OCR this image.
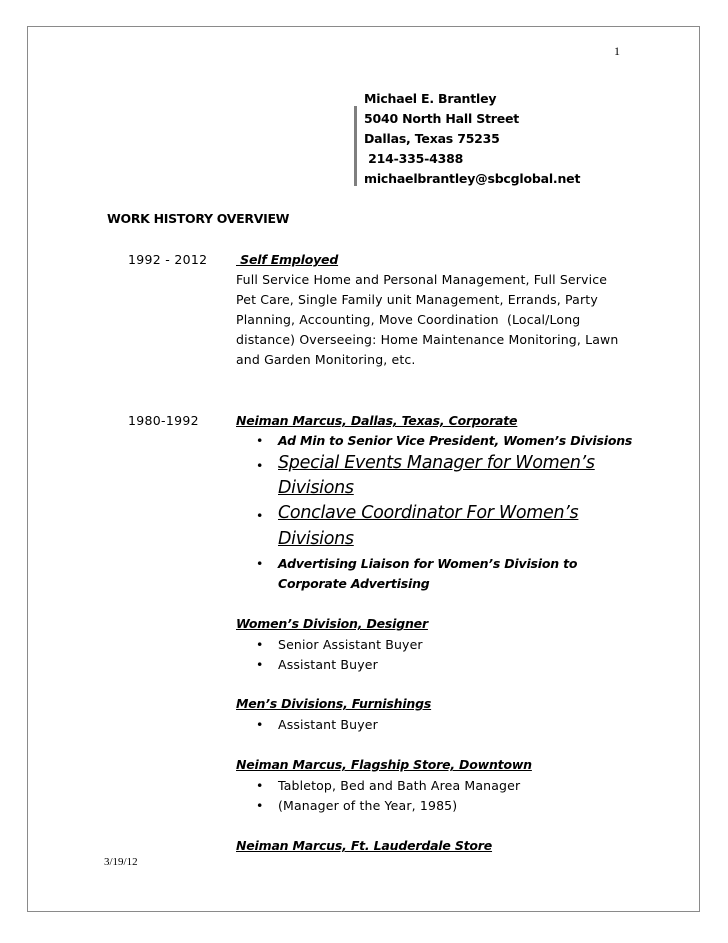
1
Michael E. Brantley
5040 North Hall Street
Dallas, Texas 75235
214-335-4388
michaelbrantley@sbcglobal.net
WORK HISTORY OVERVIEW
1992 - 2012 Self Employed
Full Service Home and Personal Management, Full Service
Pet Care, Single Family unit Management, Errands, Party
Planning, Accounting, Move Coordination  (Local/Long
distance) Overseeing: Home Maintenance Monitoring, Lawn
and Garden Monitoring, etc.
1980-1992	Neiman Marcus, Dallas, Texas, Corporate
• Ad Min to Senior Vice President, Women’s Divisions
• Special Events Manager for Women’s
Divisions
• Conclave Coordinator For Women’s
Divisions
• Advertising Liaison for Women’s Division to
Corporate Advertising
Women’s Division, Designer
• Senior Assistant Buyer
• Assistant Buyer
Men’s Divisions, Furnishings
• Assistant Buyer
Neiman Marcus, Flagship Store, Downtown
• Tabletop, Bed and Bath Area Manager
• (Manager of the Year, 1985)
Neiman Marcus, Ft. Lauderdale Store
3/19/12
